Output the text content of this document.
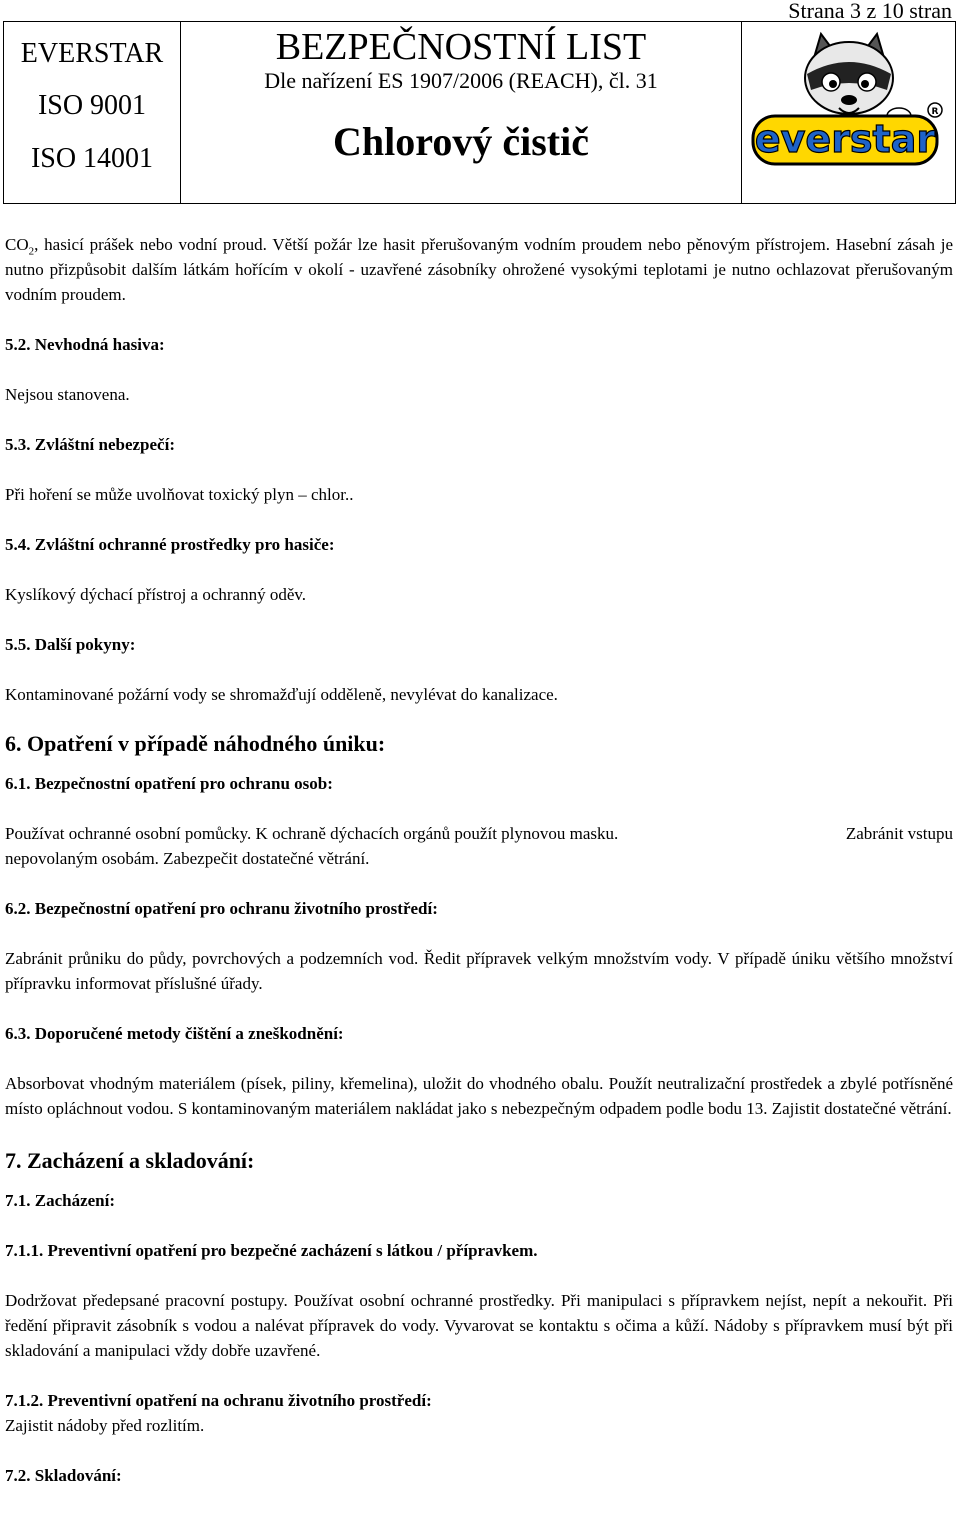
Strana 3 z 10 stran
EVERSTAR
ISO 9001
ISO 14001

BEZPEČNOSTNÍ LIST
Dle nařízení ES 1907/2006 (REACH), čl. 31
Chlorový čistič	everstar
R

$CO_2$, hasicí prášek nebo vodní proud. Větší požár lze hasit přerušovaným vodním proudem nebo pěnovým přístrojem. Hasební zásah je nutno přizpůsobit dalším látkám hořícím v okolí - uzavřené zásobníky ohrožené vysokými teplotami je nutno ochlazovat přerušovaným vodním proudem.

5.2. Nevhodná hasiva:

Nejsou stanovena.

5.3. Zvláštní nebezpečí:

Při hoření se může uvolňovat toxický plyn – chlor..

5.4. Zvláštní ochranné prostředky pro hasiče:

Kyslíkový dýchací přístroj a ochranný oděv.

5.5. Další pokyny:

Kontaminované požární vody se shromažďují odděleně, nevylévat do kanalizace.

6. Opatření v případě náhodného úniku:

6.1. Bezpečnostní opatření pro ochranu osob:

Používat ochranné osobní pomůcky. K ochraně dýchacích orgánů použít plynovou masku.	Zabránit vstupu

nepovolaným osobám. Zabezpečit dostatečné větrání.

6.2. Bezpečnostní opatření pro ochranu životního prostředí:

Zabránit průniku do půdy, povrchových a podzemních vod. Ředit přípravek velkým množstvím vody. V případě úniku většího množství přípravku informovat příslušné úřady.

6.3. Doporučené metody čištění a zneškodnění:

Absorbovat vhodným materiálem (písek, piliny, křemelina), uložit do vhodného obalu. Použít neutralizační prostředek a zbylé potřísněné místo opláchnout vodou. S kontaminovaným materiálem nakládat jako s nebezpečným odpadem podle bodu 13. Zajistit dostatečné větrání.

7. Zacházení a skladování:

7.1. Zacházení:

7.1.1. Preventivní opatření pro bezpečné zacházení s látkou / přípravkem.

Dodržovat předepsané pracovní postupy. Používat osobní ochranné prostředky. Při manipulaci s přípravkem nejíst, nepít a nekouřit. Při ředění připravit zásobník s vodou a nalévat přípravek do vody. Vyvarovat se kontaktu s očima a kůží. Nádoby s přípravkem musí být při skladování a manipulaci vždy dobře uzavřené.

7.1.2. Preventivní opatření na ochranu životního prostředí:

Zajistit nádoby před rozlitím.

7.2. Skladování:
